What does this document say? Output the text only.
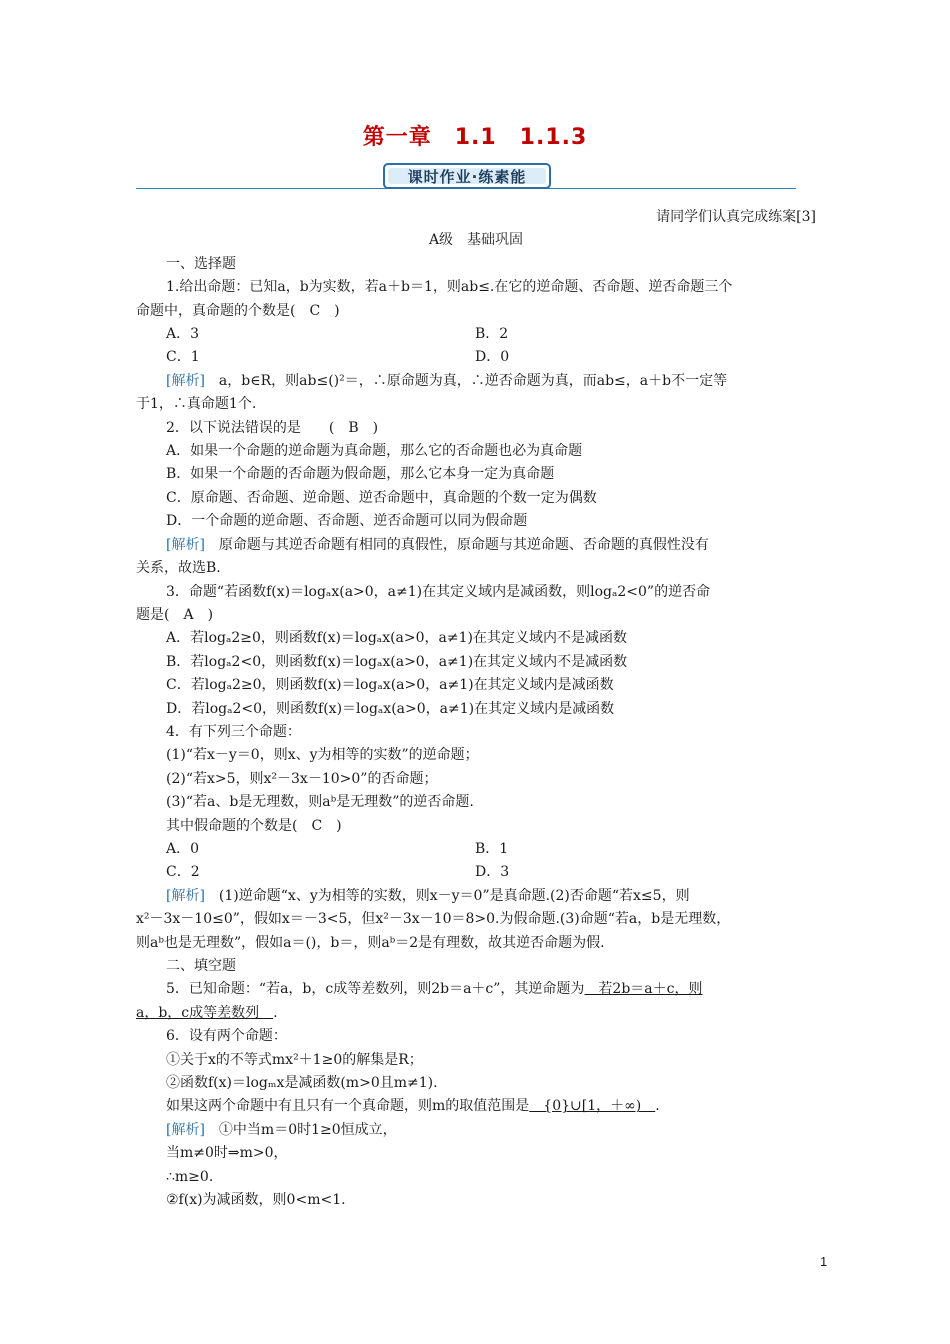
第一章　1.1　1.1.3
课时作业·练素能
请同学们认真完成练案[3]
A级　基础巩固
一、选择题
1.给出命题：已知a，b为实数，若a＋b＝1，则ab≤.在它的逆命题、否命题、逆否命题三个
命题中，真命题的个数是(　C　)
A．3	B．2
C．1	D．0
[解析]　a，b∈R，则ab≤()²＝，∴原命题为真，∴逆否命题为真，而ab≤，a＋b不一定等
于1，∴真命题1个.
2．以下说法错误的是　　(　B　)
A．如果一个命题的逆命题为真命题，那么它的否命题也必为真命题
B．如果一个命题的否命题为假命题，那么它本身一定为真命题
C．原命题、否命题、逆命题、逆否命题中，真命题的个数一定为偶数
D．一个命题的逆命题、否命题、逆否命题可以同为假命题
[解析]　原命题与其逆否命题有相同的真假性，原命题与其逆命题、否命题的真假性没有
关系，故选B.
3．命题“若函数f(x)＝logₐx(a>0，a≠1)在其定义域内是减函数，则logₐ2<0”的逆否命
题是(　A　)
A．若logₐ2≥0，则函数f(x)＝logₐx(a>0，a≠1)在其定义域内不是减函数
B．若logₐ2<0，则函数f(x)＝logₐx(a>0，a≠1)在其定义域内不是减函数
C．若logₐ2≥0，则函数f(x)＝logₐx(a>0，a≠1)在其定义域内是减函数
D．若logₐ2<0，则函数f(x)＝logₐx(a>0，a≠1)在其定义域内是减函数
4．有下列三个命题：
(1)“若x－y＝0，则x、y为相等的实数”的逆命题；
(2)“若x>5，则x²－3x－10>0”的否命题；
(3)“若a、b是无理数，则aᵇ是无理数”的逆否命题.
其中假命题的个数是(　C　)
A．0	B．1
C．2	D．3
[解析]　(1)逆命题“x、y为相等的实数，则x－y＝0”是真命题.(2)否命题“若x≤5，则
x²－3x－10≤0”，假如x＝－3<5，但x²－3x－10＝8>0.为假命题.(3)命题“若a，b是无理数，
则aᵇ也是无理数”，假如a＝()，b＝，则aᵇ＝2是有理数，故其逆否命题为假.
二、填空题
5．已知命题：“若a，b，c成等差数列，则2b＝a＋c”，其逆命题为　若2b＝a＋c，则
a，b，c成等差数列　.
6．设有两个命题：
①关于x的不等式mx²＋1≥0的解集是R；
②函数f(x)＝logₘx是减函数(m>0且m≠1).
如果这两个命题中有且只有一个真命题，则m的取值范围是　{0}∪[1，＋∞)　.
[解析]　①中当m＝0时1≥0恒成立，
当m≠0时⇒m>0，
∴m≥0.
②f(x)为减函数，则0<m<1.
1
